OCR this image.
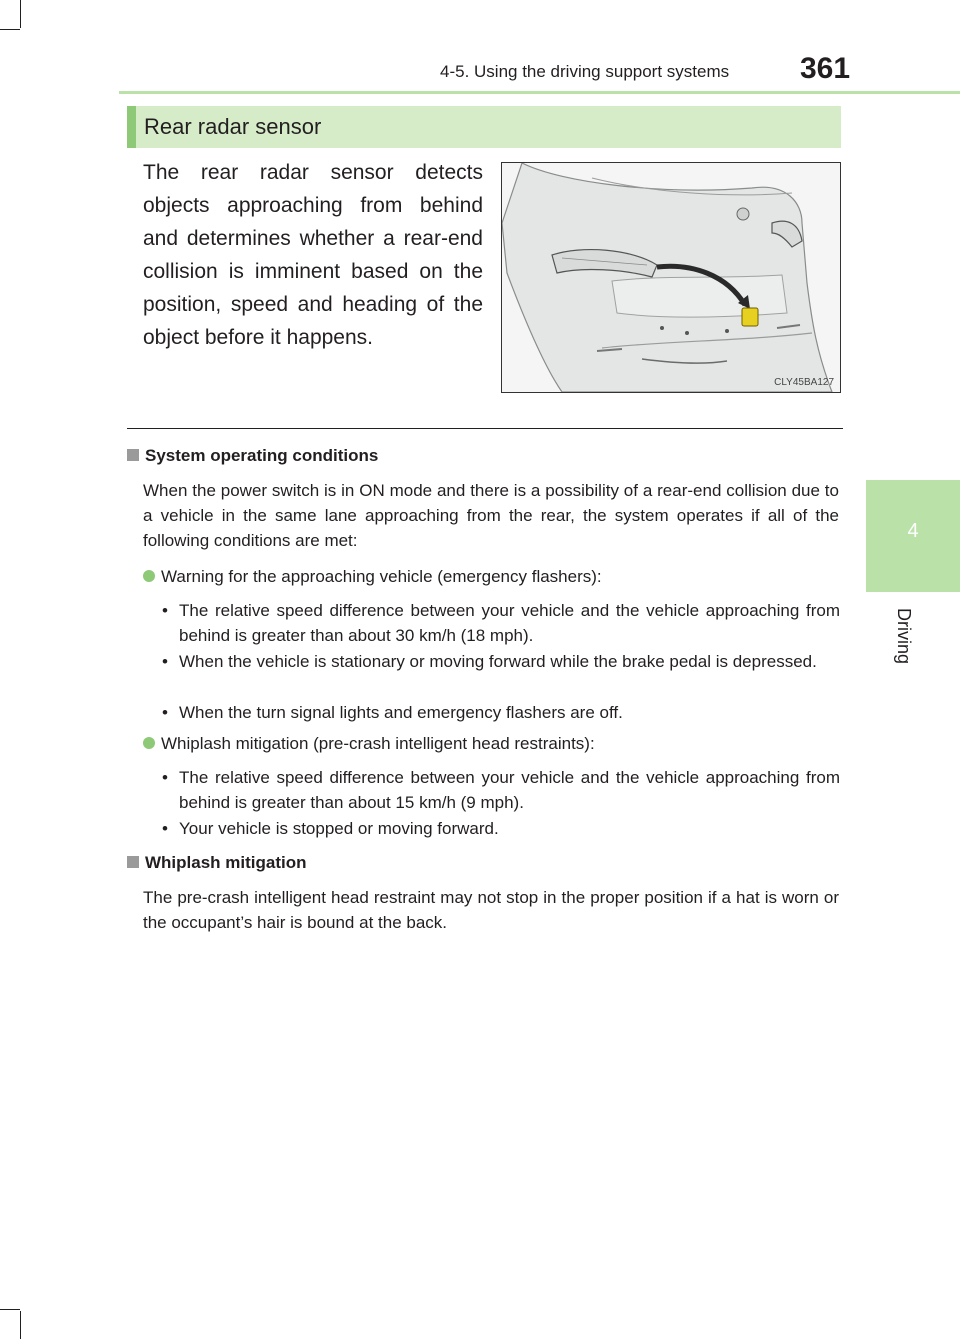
4-5. Using the driving support systems 361
4
Driving
Rear radar sensor
The rear radar sensor detects objects approaching from behind and determines whether a rear-end collision is imminent based on the position, speed and heading of the object before it happens.
CLY45BA127
System operating conditions
When the power switch is in ON mode and there is a possibility of a rear-end collision due to a vehicle in the same lane approaching from the rear, the system operates if all of the following conditions are met:
Warning for the approaching vehicle (emergency flashers):
• The relative speed difference between your vehicle and the vehicle approaching from behind is greater than about 30 km/h (18 mph).
• When the vehicle is stationary or moving forward while the brake pedal is depressed.
• When the turn signal lights and emergency flashers are off.
Whiplash mitigation (pre-crash intelligent head restraints):
• The relative speed difference between your vehicle and the vehicle approaching from behind is greater than about 15 km/h (9 mph).
• Your vehicle is stopped or moving forward.
Whiplash mitigation
The pre-crash intelligent head restraint may not stop in the proper position if a hat is worn or the occupant’s hair is bound at the back.
